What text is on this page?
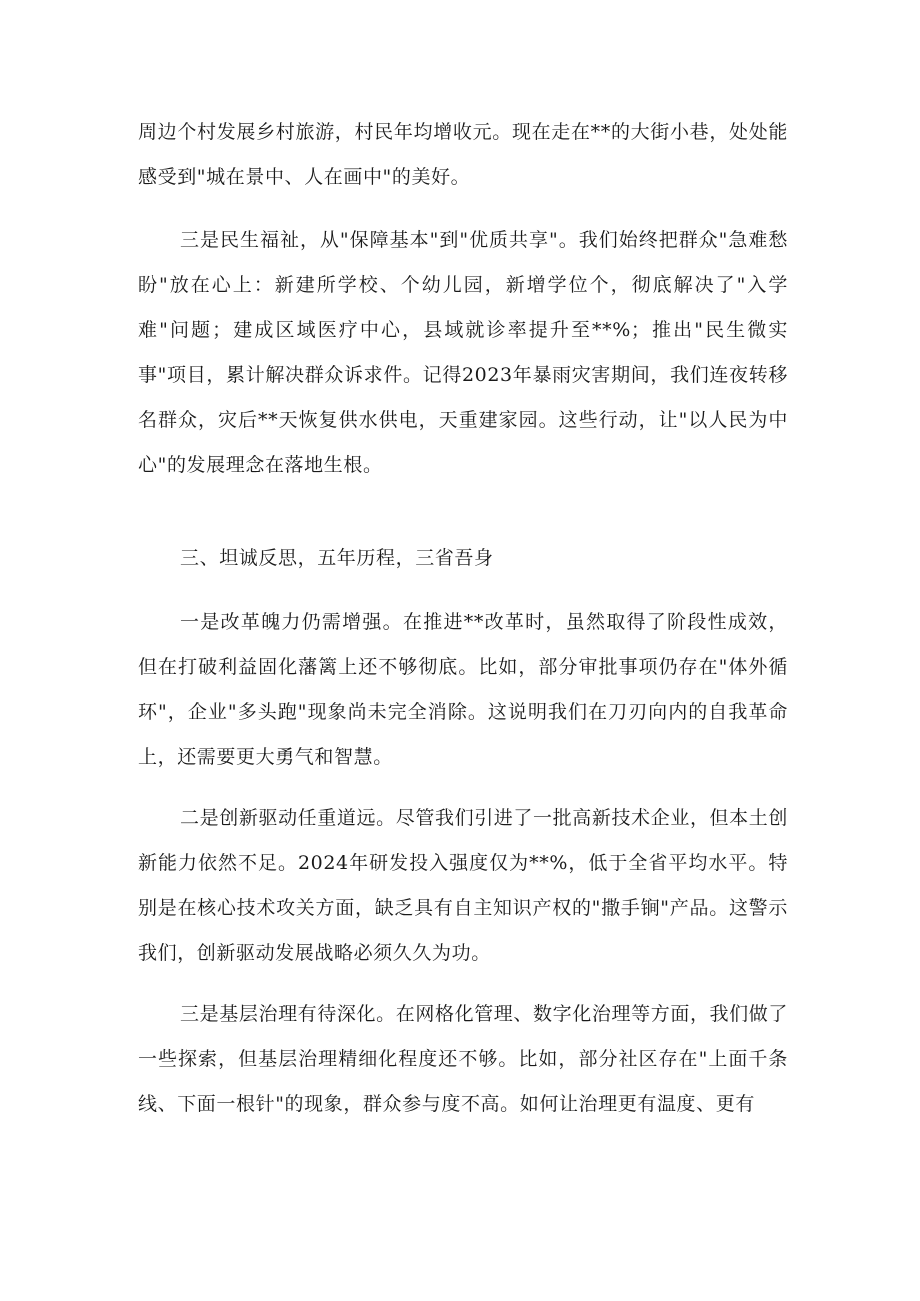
周边个村发展乡村旅游，村民年均增收元。现在走在**的大街小巷，处处能感受到"城在景中、人在画中"的美好。

三是民生福祉，从"保障基本"到"优质共享"。我们始终把群众"急难愁盼"放在心上：新建所学校、个幼儿园，新增学位个，彻底解决了"入学难"问题；建成区域医疗中心，县域就诊率提升至**%；推出"民生微实事"项目，累计解决群众诉求件。记得2023年暴雨灾害期间，我们连夜转移名群众，灾后**天恢复供水供电，天重建家园。这些行动，让"以人民为中心"的发展理念在落地生根。

三、坦诚反思，五年历程，三省吾身

一是改革魄力仍需增强。在推进**改革时，虽然取得了阶段性成效，但在打破利益固化藩篱上还不够彻底。比如，部分审批事项仍存在"体外循环"，企业"多头跑"现象尚未完全消除。这说明我们在刀刃向内的自我革命上，还需要更大勇气和智慧。

二是创新驱动任重道远。尽管我们引进了一批高新技术企业，但本土创新能力依然不足。2024年研发投入强度仅为**%，低于全省平均水平。特别是在核心技术攻关方面，缺乏具有自主知识产权的"撒手锏"产品。这警示我们，创新驱动发展战略必须久久为功。

三是基层治理有待深化。在网格化管理、数字化治理等方面，我们做了一些探索，但基层治理精细化程度还不够。比如，部分社区存在"上面千条线、下面一根针"的现象，群众参与度不高。如何让治理更有温度、更有
